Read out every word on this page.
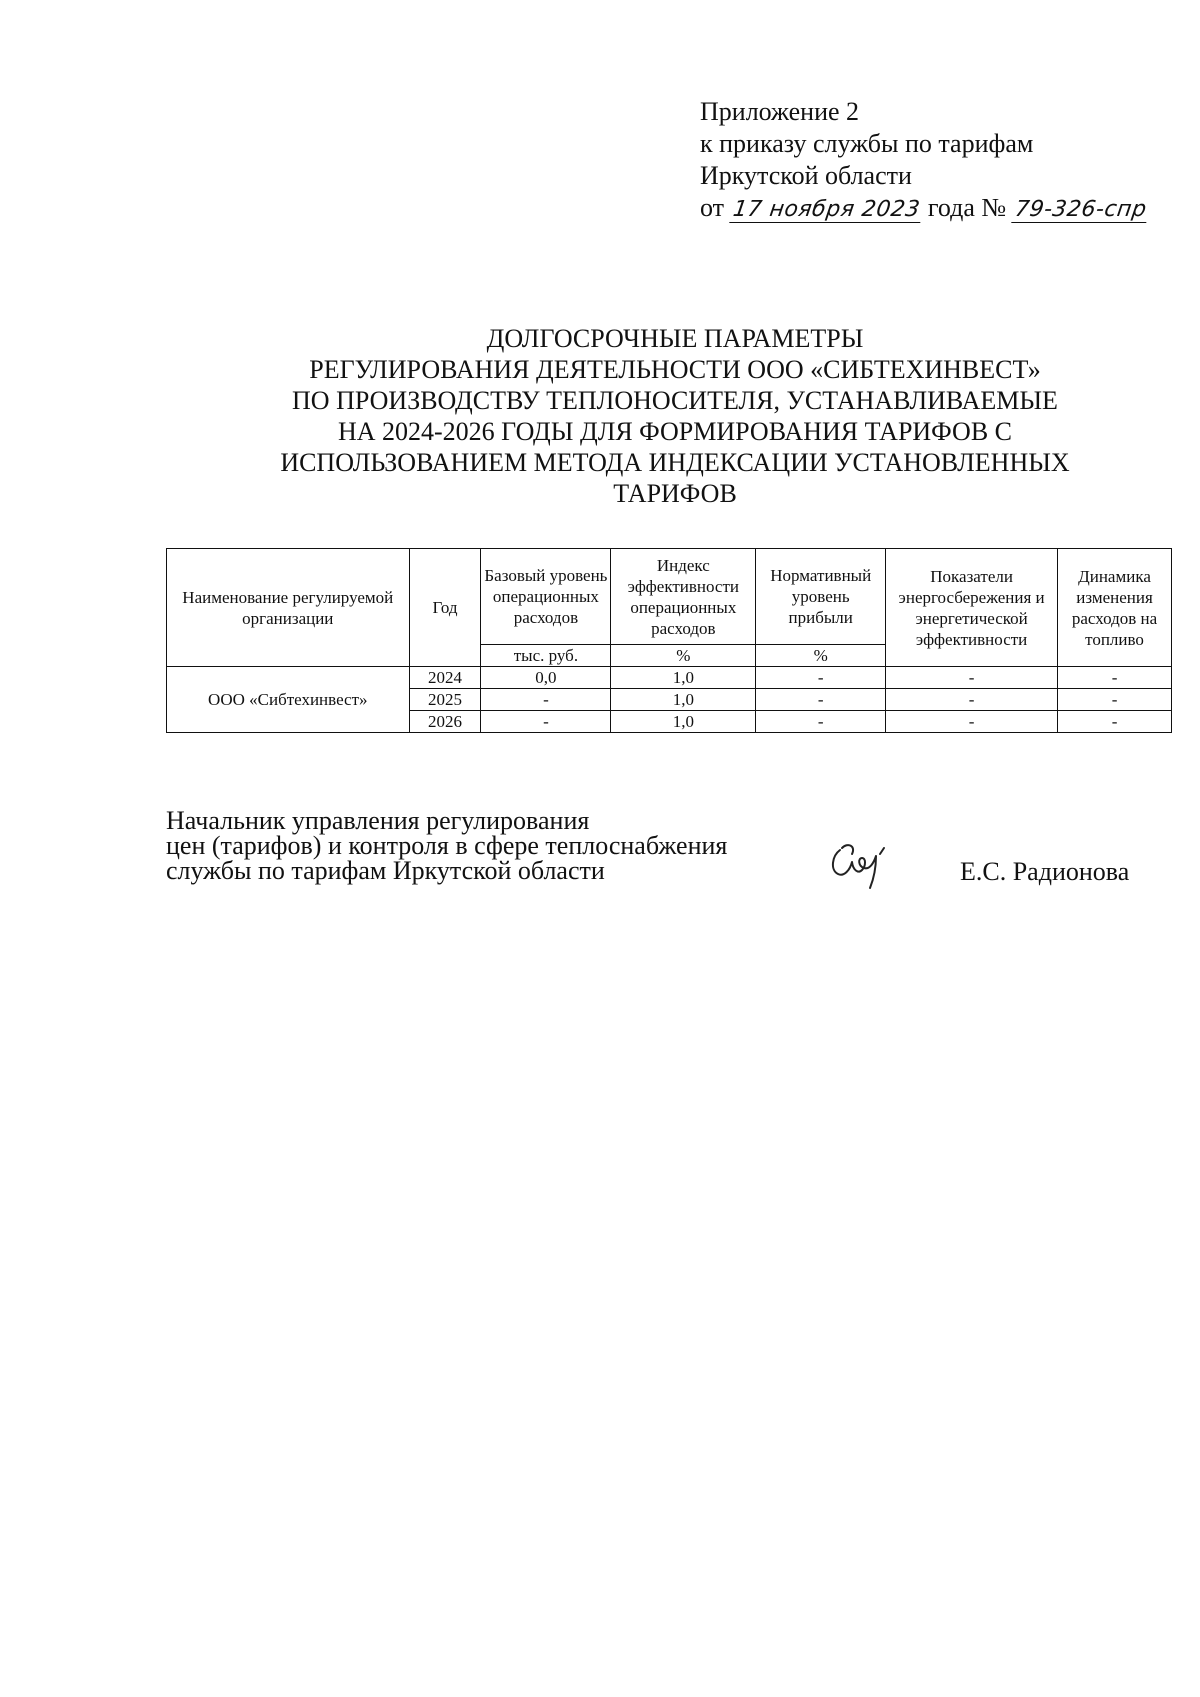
Приложение 2
к приказу службы по тарифам
Иркутской области
от 17 ноября 2023 года № 79-326-спр
ДОЛГОСРОЧНЫЕ ПАРАМЕТРЫ
РЕГУЛИРОВАНИЯ ДЕЯТЕЛЬНОСТИ ООО «СИБТЕХИНВЕСТ»
ПО ПРОИЗВОДСТВУ ТЕПЛОНОСИТЕЛЯ, УСТАНАВЛИВАЕМЫЕ
НА 2024-2026 ГОДЫ ДЛЯ ФОРМИРОВАНИЯ ТАРИФОВ С
ИСПОЛЬЗОВАНИЕМ МЕТОДА ИНДЕКСАЦИИ УСТАНОВЛЕННЫХ
ТАРИФОВ
Наименование регулируемой организации	Год	Базовый уровень операционных расходов	Индекс эффективности операционных расходов	Нормативный уровень прибыли	Показатели энергосбережения и энергетической эффективности	Динамика изменения расходов на топливо
		тыс. руб.	%	%		
ООО «Сибтехинвест»	2024	0,0	1,0	-	-	-
	2025	-	1,0	-	-	-
	2026	-	1,0	-	-	-
Начальник управления регулирования
цен (тарифов) и контроля в сфере теплоснабжения
службы по тарифам Иркутской области	Е.С. Радионова
